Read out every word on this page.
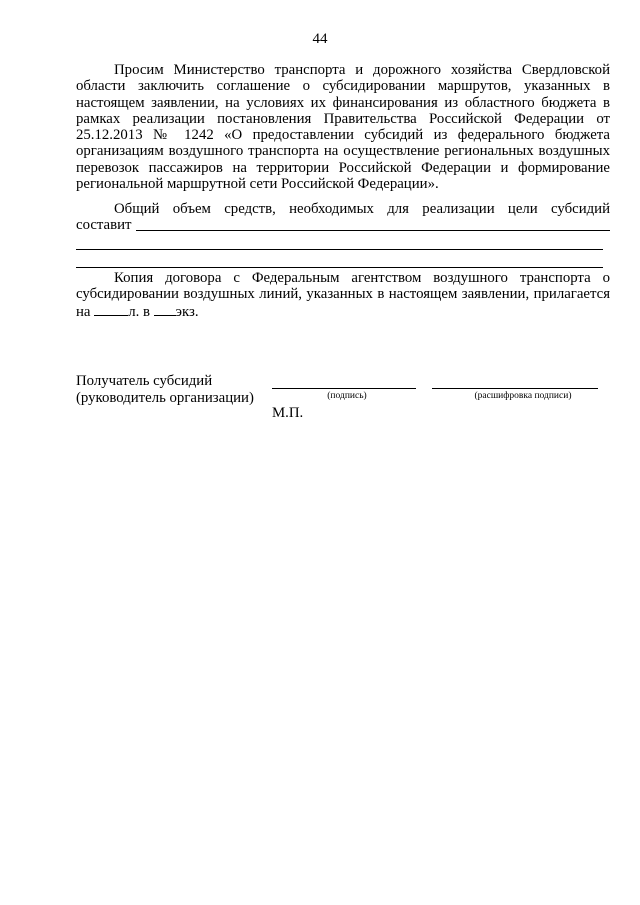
44

Просим Министерство транспорта и дорожного хозяйства Свердловской области заключить соглашение о субсидировании маршрутов, указанных в настоящем заявлении, на условиях их финансирования из областного бюджета в рамках реализации постановления Правительства Российской Федерации от 25.12.2013 № 1242 «О предоставлении субсидий из федерального бюджета организациям воздушного транспорта на осуществление региональных воздушных перевозок пассажиров на территории Российской Федерации и формирование региональной маршрутной сети Российской Федерации».

Общий объем средств, необходимых для реализации цели субсидий

составит

Копия договора с Федеральным агентством воздушного транспорта о субсидировании воздушных линий, указанных в настоящем заявлении, прилагается на л. в экз.

Получатель субсидий
(руководитель организации)	(подпись)	(расшифровка подписи)
М.П.
